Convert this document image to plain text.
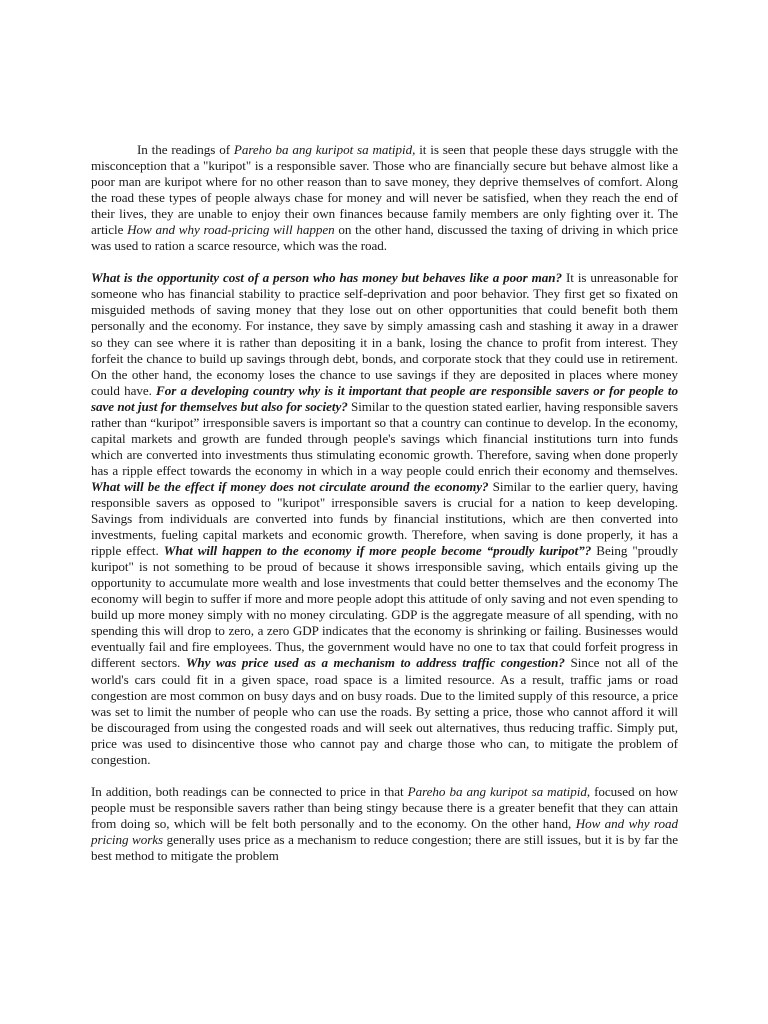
In the readings of Pareho ba ang kuripot sa matipid, it is seen that people these days struggle with the misconception that a "kuripot" is a responsible saver. Those who are financially secure but behave almost like a poor man are kuripot where for no other reason than to save money, they deprive themselves of comfort. Along the road these types of people always chase for money and will never be satisfied, when they reach the end of their lives, they are unable to enjoy their own finances because family members are only fighting over it. The article How and why road-pricing will happen on the other hand, discussed the taxing of driving in which price was used to ration a scarce resource, which was the road.

What is the opportunity cost of a person who has money but behaves like a poor man? It is unreasonable for someone who has financial stability to practice self-deprivation and poor behavior. They first get so fixated on misguided methods of saving money that they lose out on other opportunities that could benefit both them personally and the economy. For instance, they save by simply amassing cash and stashing it away in a drawer so they can see where it is rather than depositing it in a bank, losing the chance to profit from interest. They forfeit the chance to build up savings through debt, bonds, and corporate stock that they could use in retirement. On the other hand, the economy loses the chance to use savings if they are deposited in places where money could have. For a developing country why is it important that people are responsible savers or for people to save not just for themselves but also for society? Similar to the question stated earlier, having responsible savers rather than “kuripot” irresponsible savers is important so that a country can continue to develop. In the economy, capital markets and growth are funded through people's savings which financial institutions turn into funds which are converted into investments thus stimulating economic growth. Therefore, saving when done properly has a ripple effect towards the economy in which in a way people could enrich their economy and themselves. What will be the effect if money does not circulate around the economy? Similar to the earlier query, having responsible savers as opposed to "kuripot" irresponsible savers is crucial for a nation to keep developing. Savings from individuals are converted into funds by financial institutions, which are then converted into investments, fueling capital markets and economic growth. Therefore, when saving is done properly, it has a ripple effect. What will happen to the economy if more people become “proudly kuripot”? Being "proudly kuripot" is not something to be proud of because it shows irresponsible saving, which entails giving up the opportunity to accumulate more wealth and lose investments that could better themselves and the economy The economy will begin to suffer if more and more people adopt this attitude of only saving and not even spending to build up more money simply with no money circulating. GDP is the aggregate measure of all spending, with no spending this will drop to zero, a zero GDP indicates that the economy is shrinking or failing. Businesses would eventually fail and fire employees. Thus, the government would have no one to tax that could forfeit progress in different sectors. Why was price used as a mechanism to address traffic congestion? Since not all of the world's cars could fit in a given space, road space is a limited resource. As a result, traffic jams or road congestion are most common on busy days and on busy roads. Due to the limited supply of this resource, a price was set to limit the number of people who can use the roads. By setting a price, those who cannot afford it will be discouraged from using the congested roads and will seek out alternatives, thus reducing traffic. Simply put, price was used to disincentive those who cannot pay and charge those who can, to mitigate the problem of congestion.

In addition, both readings can be connected to price in that Pareho ba ang kuripot sa matipid, focused on how people must be responsible savers rather than being stingy because there is a greater benefit that they can attain from doing so, which will be felt both personally and to the economy. On the other hand, How and why road pricing works generally uses price as a mechanism to reduce congestion; there are still issues, but it is by far the best method to mitigate the problem
